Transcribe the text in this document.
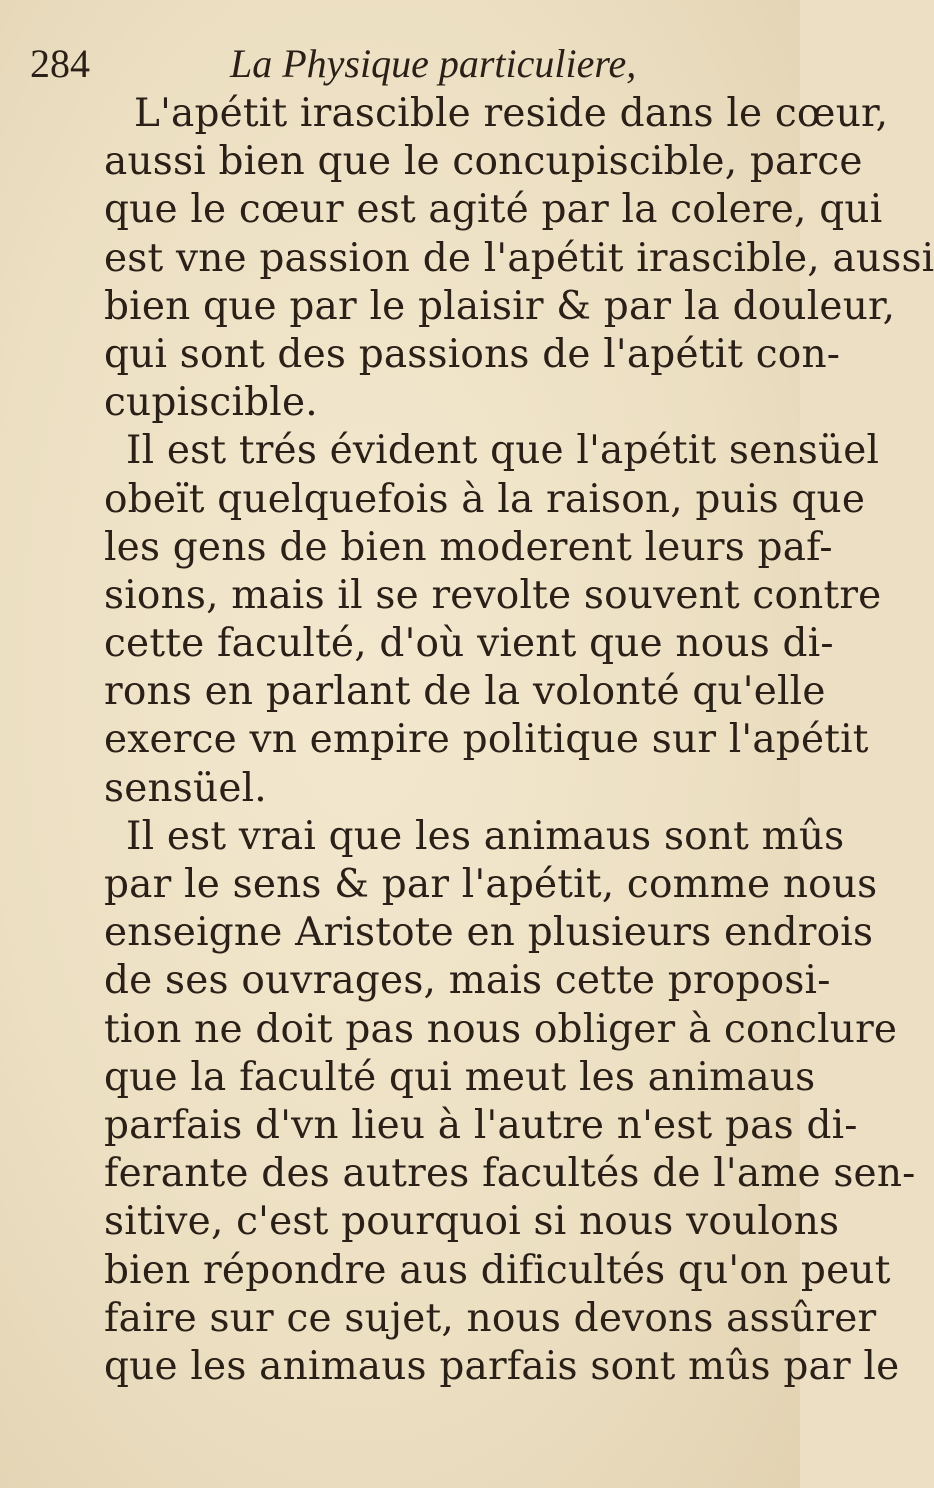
284	La Physique particuliere,
L'apétit irascible reside dans le cœur,
aussi bien que le concupiscible, parce
que le cœur est agité par la colere, qui
est vne passion de l'apétit irascible, aussi
bien que par le plaisir & par la douleur,
qui sont des passions de l'apétit con-
cupiscible.
Il est trés évident que l'apétit sensüel
obeït quelquefois à la raison, puis que
les gens de bien moderent leurs paf-
sions, mais il se revolte souvent contre
cette faculté, d'où vient que nous di-
rons en parlant de la volonté qu'elle
exerce vn empire politique sur l'apétit
sensüel.
Il est vrai que les animaus sont mûs
par le sens & par l'apétit, comme nous
enseigne Aristote en plusieurs endrois
de ses ouvrages, mais cette proposi-
tion ne doit pas nous obliger à conclure
que la faculté qui meut les animaus
parfais d'vn lieu à l'autre n'est pas di-
ferante des autres facultés de l'ame sen-
sitive, c'est pourquoi si nous voulons
bien répondre aus dificultés qu'on peut
faire sur ce sujet, nous devons assûrer
que les animaus parfais sont mûs par le
